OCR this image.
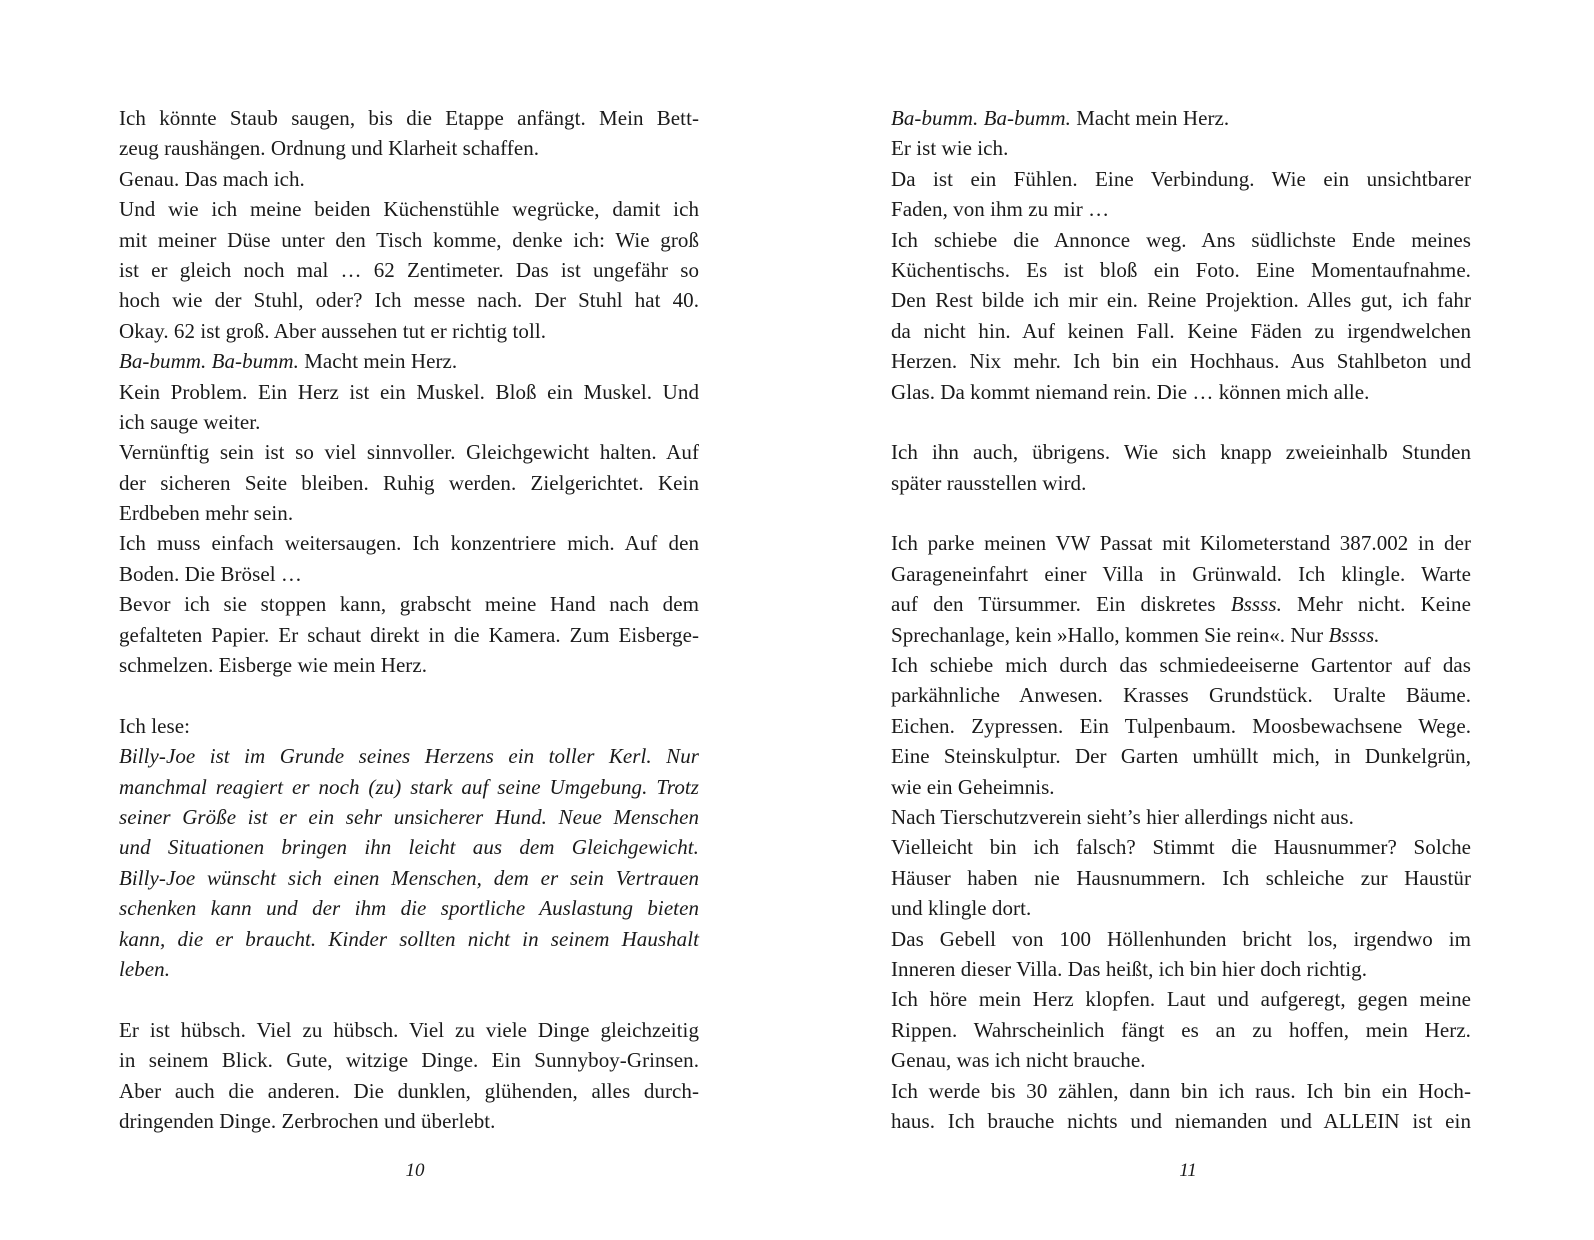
Ich könnte Staub saugen, bis die Etappe anfängt. Mein Bett-
zeug raushängen. Ordnung und Klarheit schaffen.
Genau. Das mach ich.
Und wie ich meine beiden Küchenstühle wegrücke, damit ich
mit meiner Düse unter den Tisch komme, denke ich: Wie groß
ist er gleich noch mal … 62 Zentimeter. Das ist ungefähr so
hoch wie der Stuhl, oder? Ich messe nach. Der Stuhl hat 40.
Okay. 62 ist groß. Aber aussehen tut er richtig toll.
Ba-bumm. Ba-bumm. Macht mein Herz.
Kein Problem. Ein Herz ist ein Muskel. Bloß ein Muskel. Und
ich sauge weiter.
Vernünftig sein ist so viel sinnvoller. Gleichgewicht halten. Auf
der sicheren Seite bleiben. Ruhig werden. Zielgerichtet. Kein
Erdbeben mehr sein.
Ich muss einfach weitersaugen. Ich konzentriere mich. Auf den
Boden. Die Brösel …
Bevor ich sie stoppen kann, grabscht meine Hand nach dem
gefalteten Papier. Er schaut direkt in die Kamera. Zum Eisberge-
schmelzen. Eisberge wie mein Herz.

Ich lese:
Billy-Joe ist im Grunde seines Herzens ein toller Kerl. Nur
manchmal reagiert er noch (zu) stark auf seine Umgebung. Trotz
seiner Größe ist er ein sehr unsicherer Hund. Neue Menschen
und Situationen bringen ihn leicht aus dem Gleichgewicht.
Billy-Joe wünscht sich einen Menschen, dem er sein Vertrauen
schenken kann und der ihm die sportliche Auslastung bieten
kann, die er braucht. Kinder sollten nicht in seinem Haushalt
leben.

Er ist hübsch. Viel zu hübsch. Viel zu viele Dinge gleichzeitig
in seinem Blick. Gute, witzige Dinge. Ein Sunnyboy-Grinsen.
Aber auch die anderen. Die dunklen, glühenden, alles durch-
dringenden Dinge. Zerbrochen und überlebt.
Ba-bumm. Ba-bumm. Macht mein Herz.
Er ist wie ich.
Da ist ein Fühlen. Eine Verbindung. Wie ein unsichtbarer
Faden, von ihm zu mir …
Ich schiebe die Annonce weg. Ans südlichste Ende meines
Küchentischs. Es ist bloß ein Foto. Eine Momentaufnahme.
Den Rest bilde ich mir ein. Reine Projektion. Alles gut, ich fahr
da nicht hin. Auf keinen Fall. Keine Fäden zu irgendwelchen
Herzen. Nix mehr. Ich bin ein Hochhaus. Aus Stahlbeton und
Glas. Da kommt niemand rein. Die … können mich alle.

Ich ihn auch, übrigens. Wie sich knapp zweieinhalb Stunden
später rausstellen wird.

Ich parke meinen VW Passat mit Kilometerstand 387.002 in der
Garageneinfahrt einer Villa in Grünwald. Ich klingle. Warte
auf den Türsummer. Ein diskretes Bssss. Mehr nicht. Keine
Sprechanlage, kein »Hallo, kommen Sie rein«. Nur Bssss.
Ich schiebe mich durch das schmiedeeiserne Gartentor auf das
parkähnliche Anwesen. Krasses Grundstück. Uralte Bäume.
Eichen. Zypressen. Ein Tulpenbaum. Moosbewachsene Wege.
Eine Steinskulptur. Der Garten umhüllt mich, in Dunkelgrün,
wie ein Geheimnis.
Nach Tierschutzverein sieht’s hier allerdings nicht aus.
Vielleicht bin ich falsch? Stimmt die Hausnummer? Solche
Häuser haben nie Hausnummern. Ich schleiche zur Haustür
und klingle dort.
Das Gebell von 100 Höllenhunden bricht los, irgendwo im
Inneren dieser Villa. Das heißt, ich bin hier doch richtig.
Ich höre mein Herz klopfen. Laut und aufgeregt, gegen meine
Rippen. Wahrscheinlich fängt es an zu hoffen, mein Herz.
Genau, was ich nicht brauche.
Ich werde bis 30 zählen, dann bin ich raus. Ich bin ein Hoch-
haus. Ich brauche nichts und niemanden und ALLEIN ist ein
10	11
